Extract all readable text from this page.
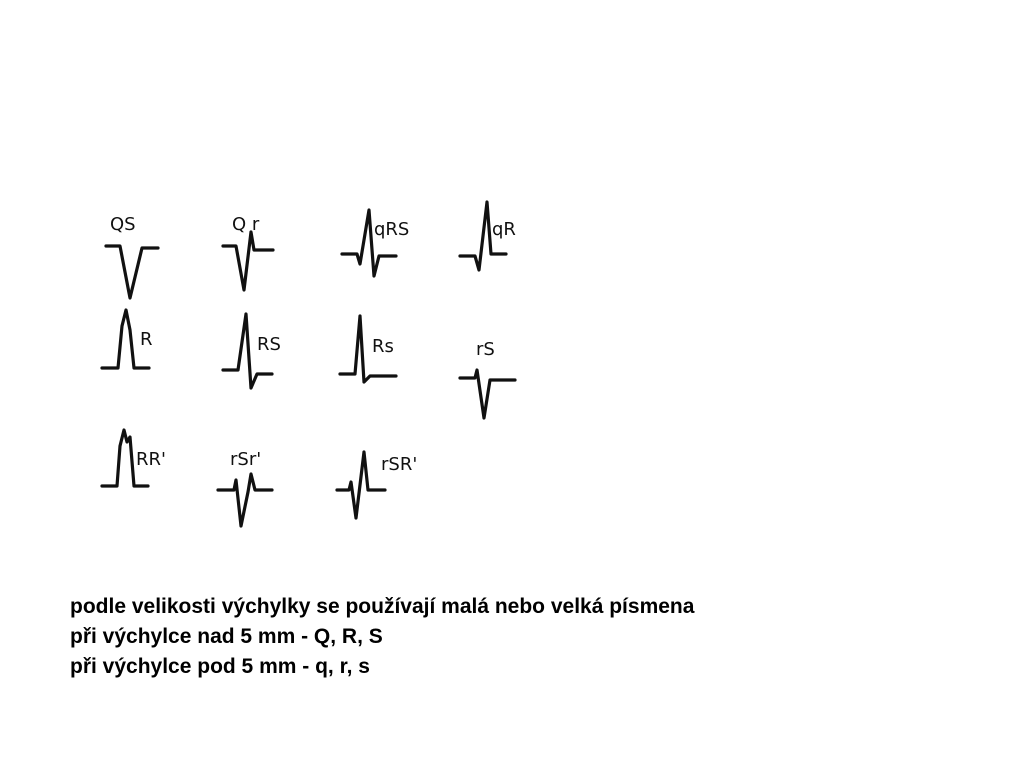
QS	Q r	qRS	qR
R	RS	Rs	rS
RR'	rSr'	rSR'
podle velikosti výchylky se používají malá nebo velká písmena
při výchylce nad 5 mm - Q, R, S
při výchylce pod 5 mm - q, r, s
